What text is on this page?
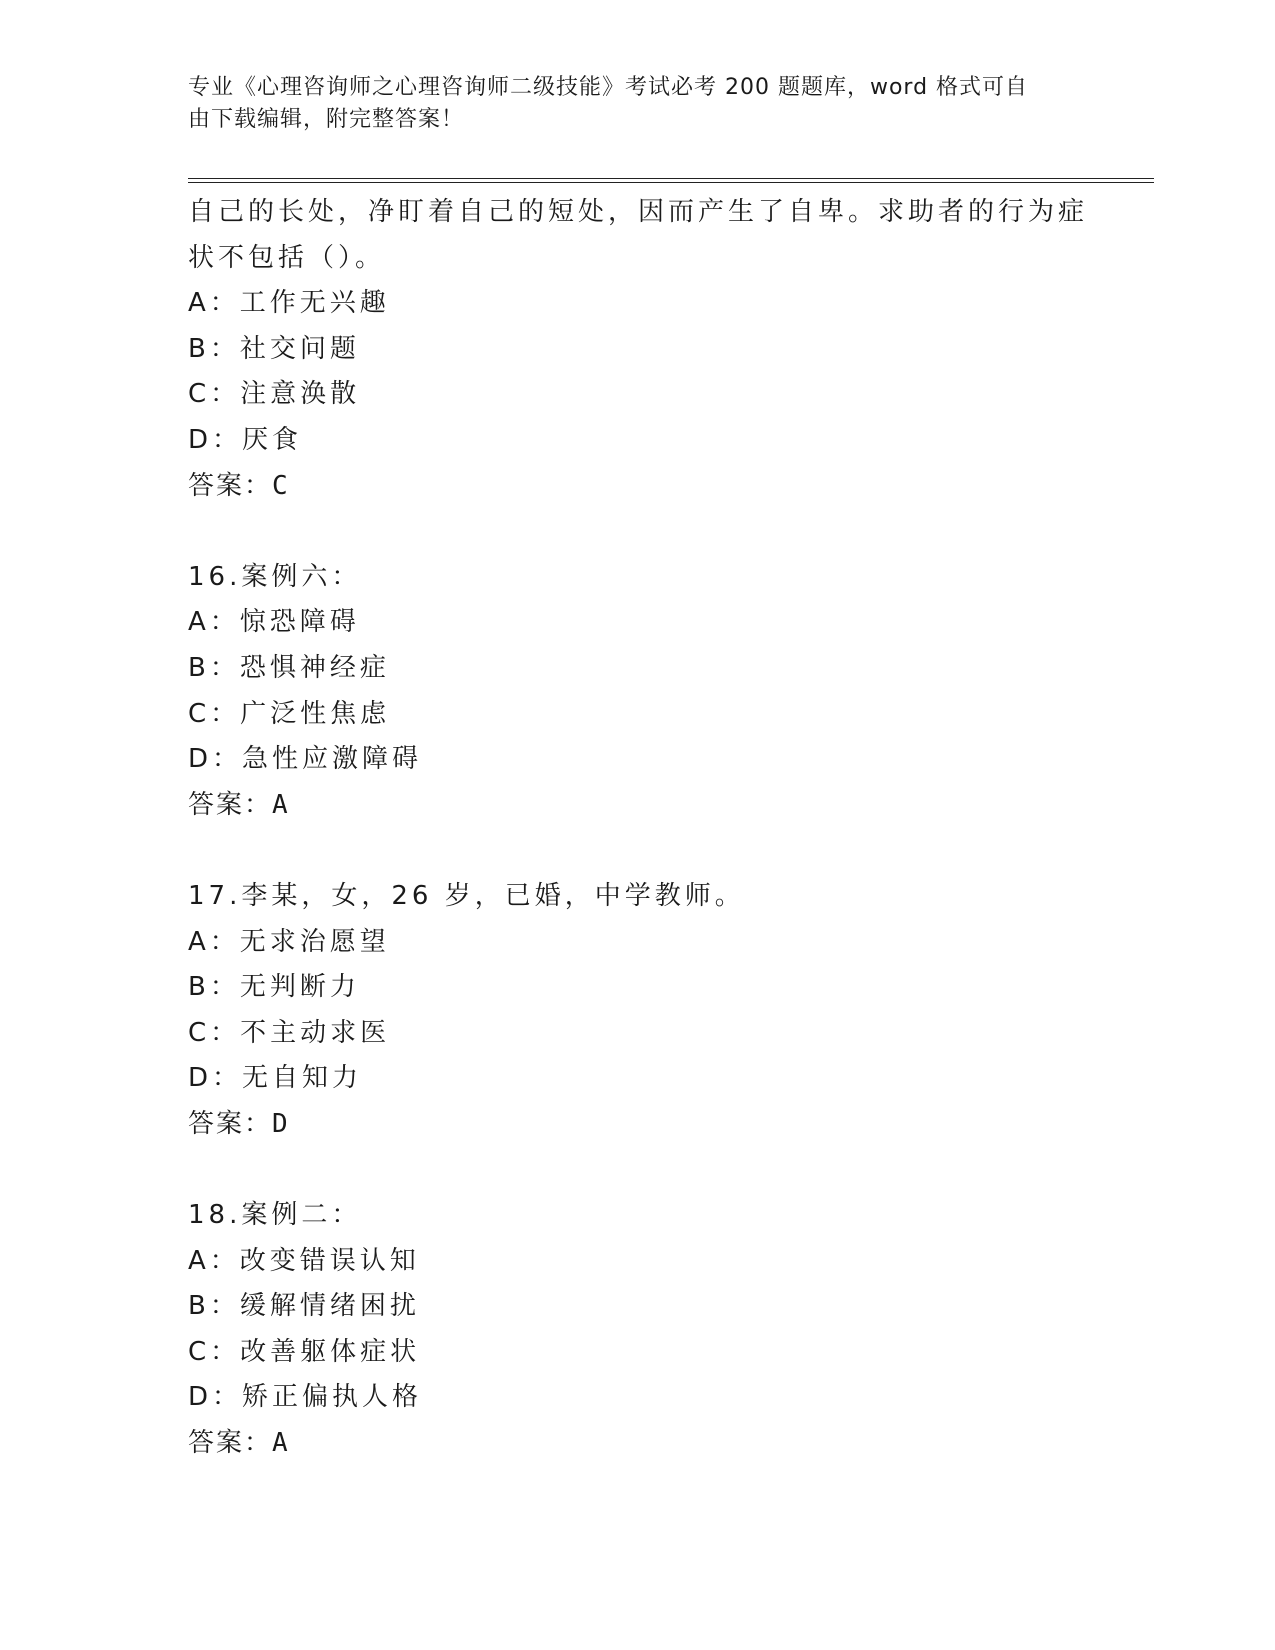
专业《心理咨询师之心理咨询师二级技能》考试必考 200 题题库，word 格式可自
由下载编辑，附完整答案！
自己的长处，净盯着自己的短处，因而产生了自卑。求助者的行为症
状不包括（）。
A：工作无兴趣
B：社交问题
C：注意涣散
D：厌食
答案：C
16.案例六：
A：惊恐障碍
B：恐惧神经症
C：广泛性焦虑
D：急性应激障碍
答案：A
17.李某，女，26 岁，已婚，中学教师。
A：无求治愿望
B：无判断力
C：不主动求医
D：无自知力
答案：D
18.案例二：
A：改变错误认知
B：缓解情绪困扰
C：改善躯体症状
D：矫正偏执人格
答案：A
